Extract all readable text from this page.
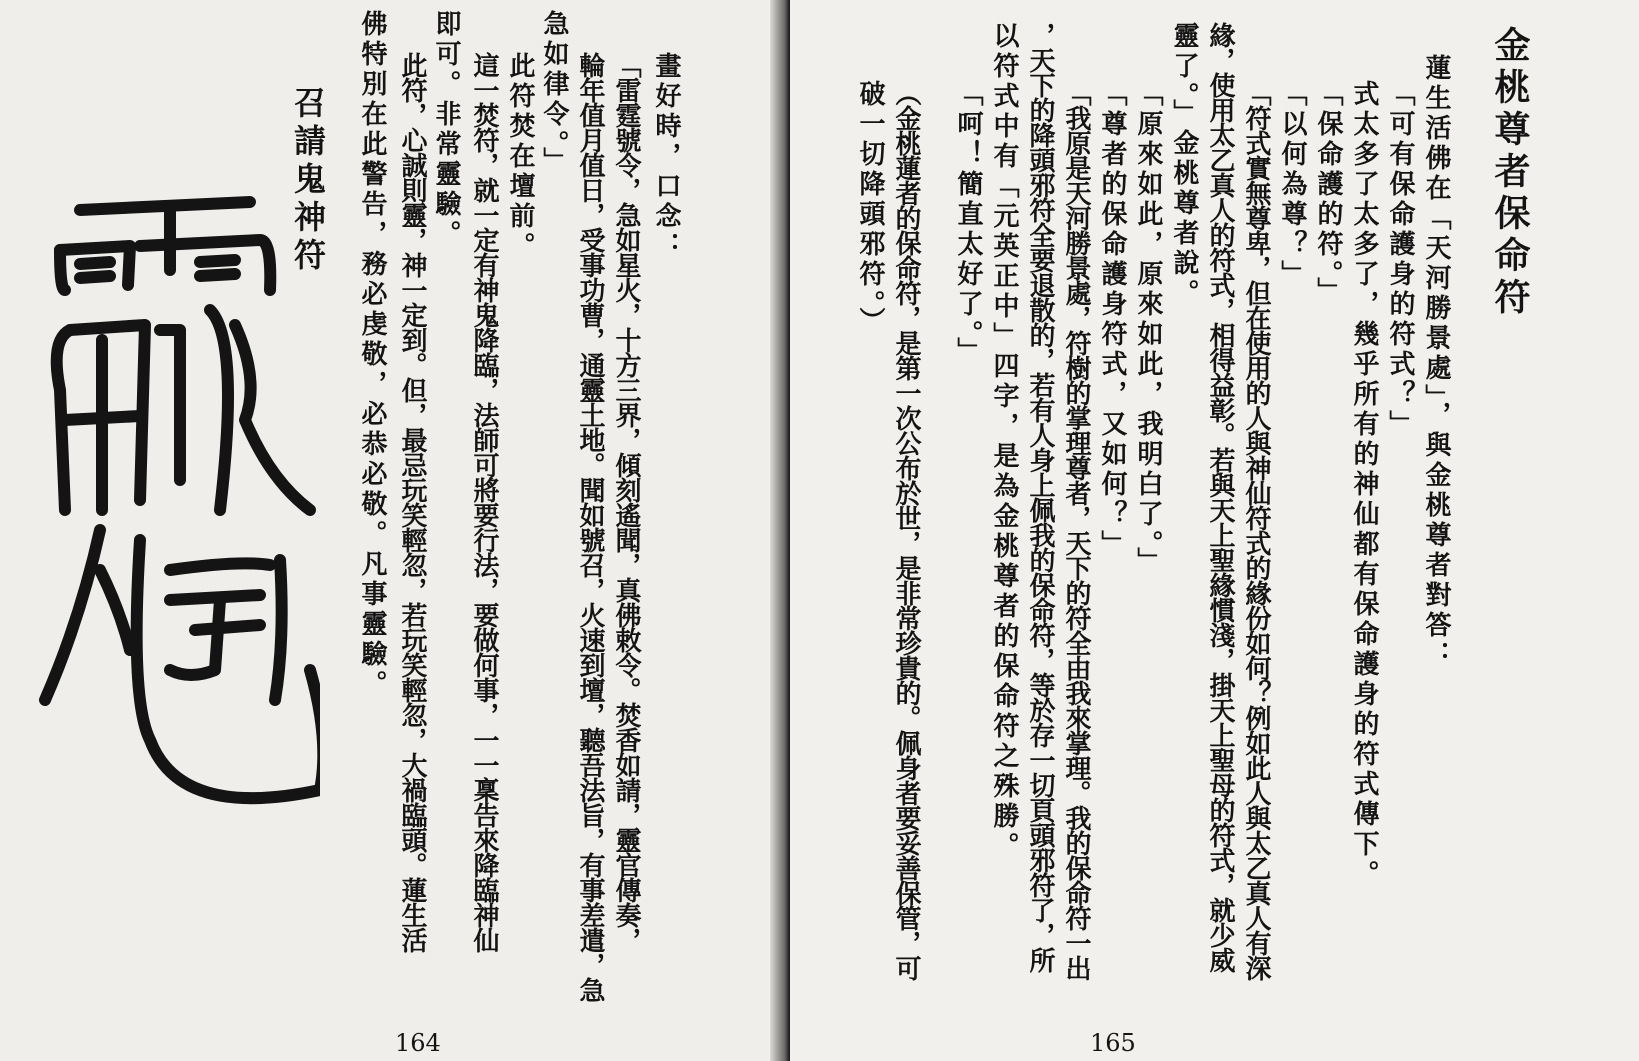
畫好時，口念：
「雷霆號令，急如星火，十方三界，傾刻遙聞，真佛敕令。焚香如請，靈官傳奏，
輪年值月值日，受事功曹，通靈土地。聞如號召，火速到壇，聽吾法旨，有事差遣，急
急如律令。」
此符焚在壇前。
這一焚符，就一定有神鬼降臨，法師可將要行法，要做何事，一一稟告來降臨神仙
即可。非常靈驗。
此符，心誠則靈，神一定到。但，最忌玩笑輕忽，若玩笑輕忽，大禍臨頭。蓮生活
佛特別在此警告，務必虔敬，必恭必敬。凡事靈驗。
召請鬼神符
164
金桃尊者保命符
蓮生活佛在「天河勝景處」，與金桃尊者對答：
「可有保命護身的符式？」
式太多了太多了，幾乎所有的神仙都有保命護身的符式傳下。
「保命護的符。」
「以何為尊？」
「符式實無尊卑，但在使用的人與神仙符式的緣份如何？例如此人與太乙真人有深
緣，使用太乙真人的符式，相得益彰。若與天上聖緣慣淺，掛天上聖母的符式，就少威
靈了。」金桃尊者說。
「原來如此，原來如此，我明白了。」
「尊者的保命護身符式，又如何？」
「我原是天河勝景處，符樹的掌理尊者，天下的符全由我來掌理。我的保命符一出
，天下的降頭邪符全要退散的，若有人身上佩我的保命符，等於存一切頁頭邪符了，所
以符式中有「元英正中」四字，是為金桃尊者的保命符之殊勝。
「呵！簡直太好了。」
（金桃蓮者的保命符，是第一次公布於世，是非常珍貴的。佩身者要妥善保管，可
破一切降頭邪符。）
165
